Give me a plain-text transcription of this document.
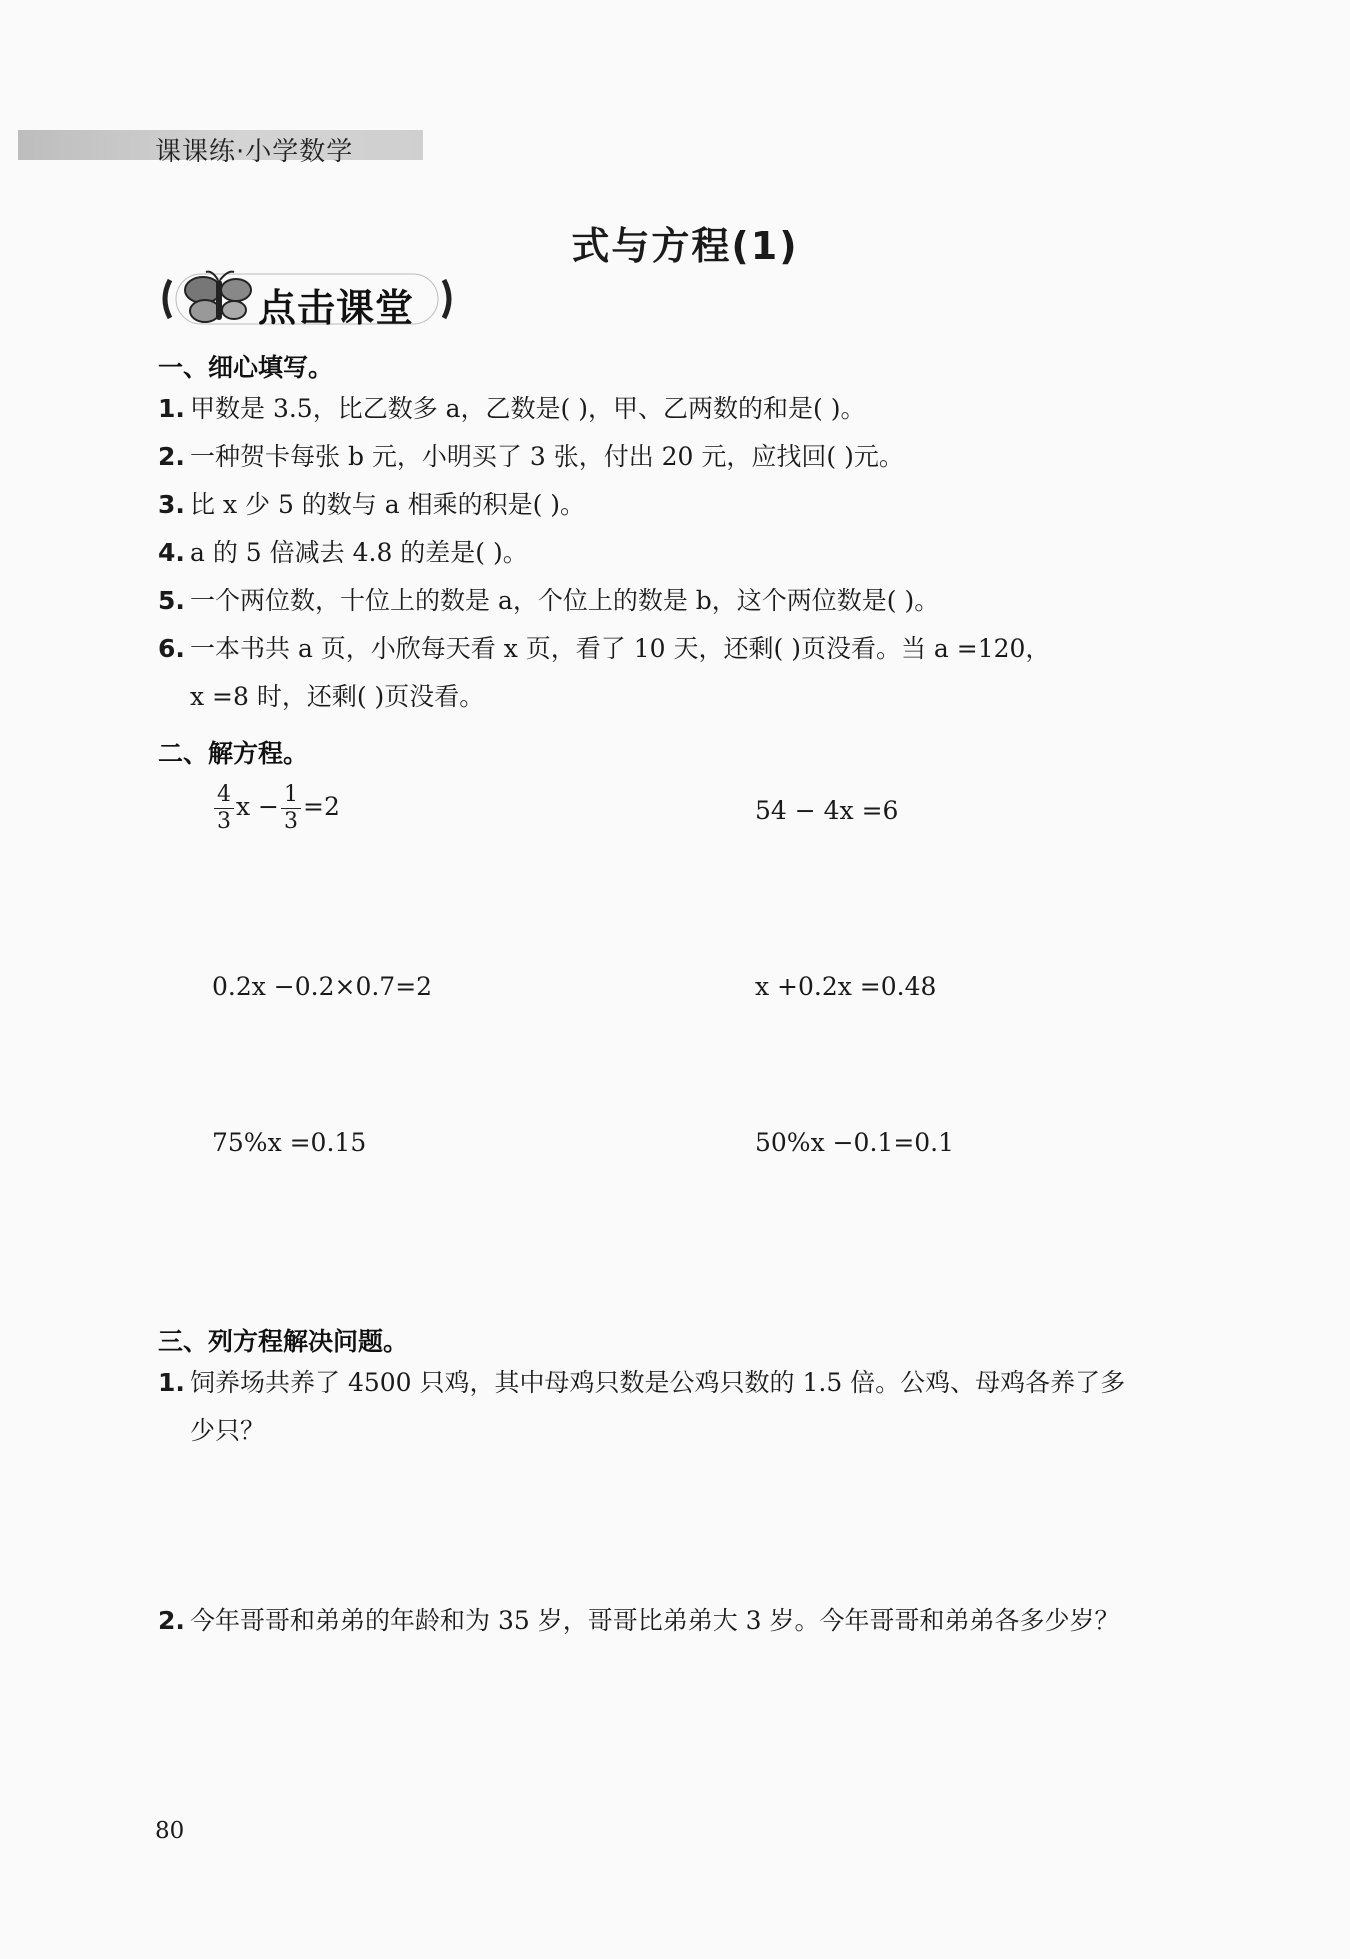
课课练·小学数学
式与方程(1)
点击课堂
一、细心填写。
1. 甲数是 3.5，比乙数多 a，乙数是( )，甲、乙两数的和是( )。
2. 一种贺卡每张 b 元，小明买了 3 张，付出 20 元，应找回( )元。
3. 比 x 少 5 的数与 a 相乘的积是( )。
4. a 的 5 倍减去 4.8 的差是( )。
5. 一个两位数，十位上的数是 a，个位上的数是 b，这个两位数是( )。
6. 一本书共 a 页，小欣每天看 x 页，看了 10 天，还剩( )页没看。当 a =120，
x =8 时，还剩( )页没看。
二、解方程。
$\frac{4}{3}$ $x - \frac{1}{3} =2$	54 − 4x =6
0.2x −0.2×0.7=2	x +0.2x =0.48
75%x =0.15	50%x −0.1=0.1
三、列方程解决问题。
1. 饲养场共养了 4500 只鸡，其中母鸡只数是公鸡只数的 1.5 倍。公鸡、母鸡各养了多
少只？
2. 今年哥哥和弟弟的年龄和为 35 岁，哥哥比弟弟大 3 岁。今年哥哥和弟弟各多少岁？
80
